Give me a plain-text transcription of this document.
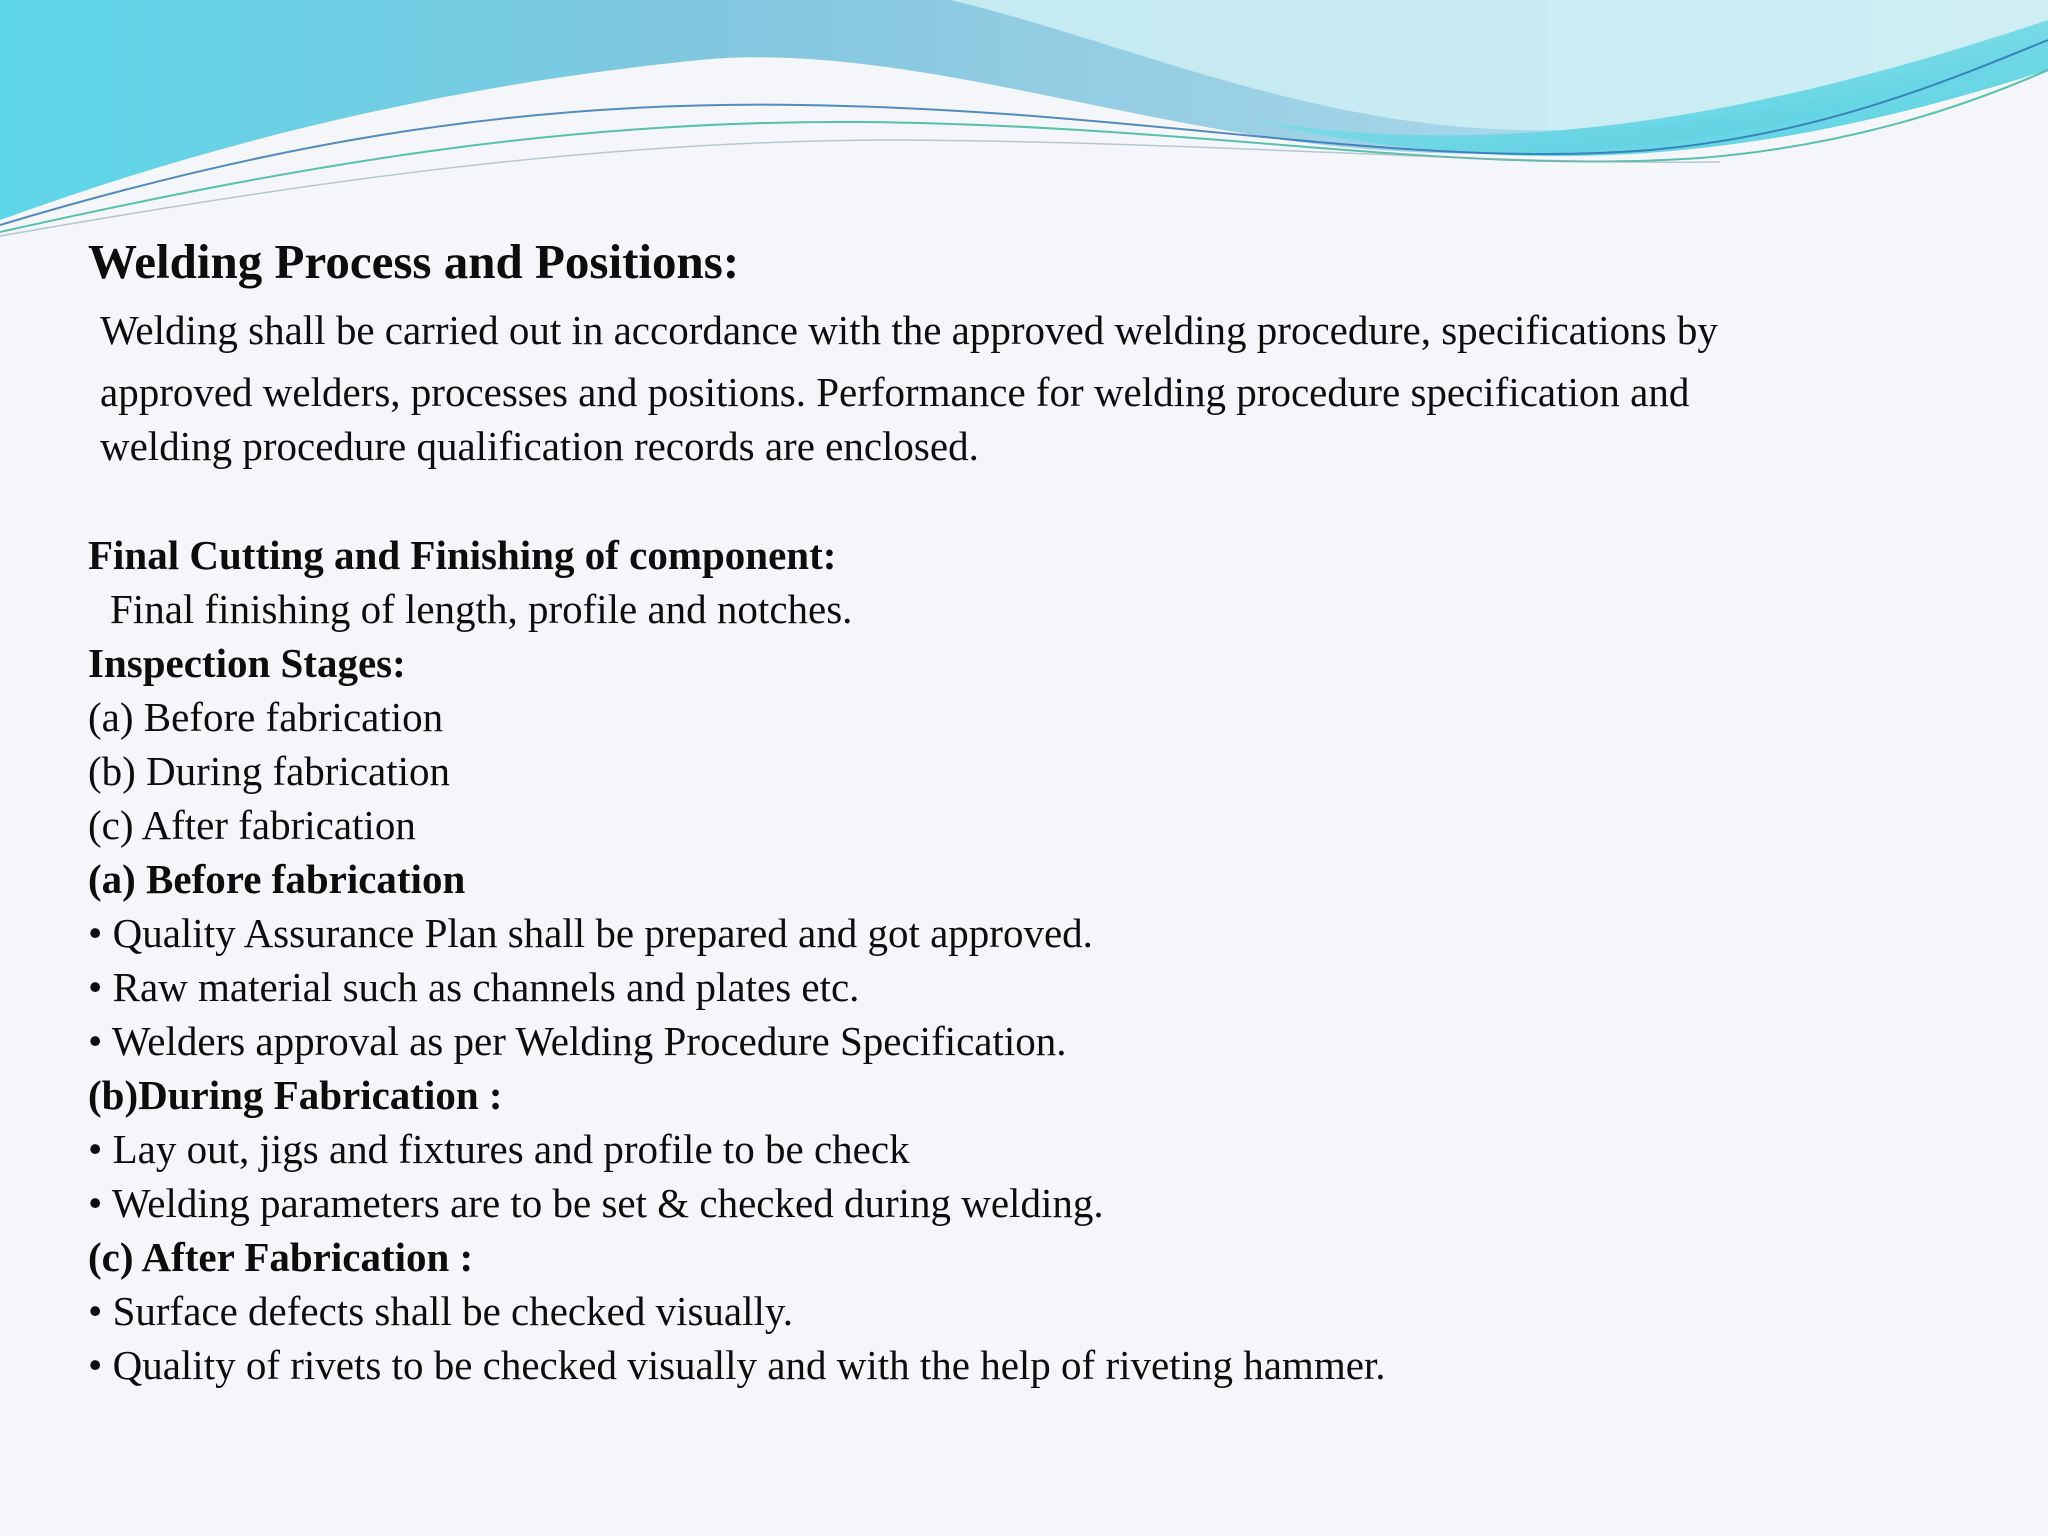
Welding Process and Positions:
Welding shall be carried out in accordance with the approved welding procedure, specifications by
approved welders, processes and positions. Performance for welding procedure specification and
welding procedure qualification records are enclosed.
Final Cutting and Finishing of component:
Final finishing of length, profile and notches.
Inspection Stages:
(a) Before fabrication
(b) During fabrication
(c) After fabrication
(a) Before fabrication
• Quality Assurance Plan shall be prepared and got approved.
• Raw material such as channels and plates etc.
• Welders approval as per Welding Procedure Specification.
(b)During Fabrication :
• Lay out, jigs and fixtures and profile to be check
• Welding parameters are to be set & checked during welding.
(c) After Fabrication :
• Surface defects shall be checked visually.
• Quality of rivets to be checked visually and with the help of riveting hammer.
